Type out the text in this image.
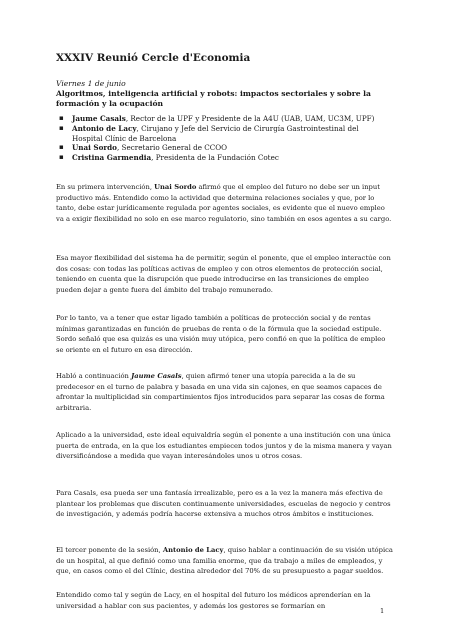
XXXIV Reunió Cercle d'Economia
Viernes 1 de junio
Algoritmos, inteligencia artificial y robots: impactos sectoriales y sobre la formación y la ocupación
▪ Jaume Casals, Rector de la UPF y Presidente de la A4U (UAB, UAM, UC3M, UPF)
▪ Antonio de Lacy, Cirujano y Jefe del Servicio de Cirurgía Gastrointestinal del Hospital Clínic de Barcelona
▪ Unai Sordo, Secretario General de CCOO
▪ Cristina Garmendia, Presidenta de la Fundación Cotec

En su primera intervención, Unai Sordo afirmó que el empleo del futuro no debe ser un input productivo más. Entendido como la actividad que determina relaciones sociales y que, por lo tanto, debe estar jurídicamente regulada por agentes sociales, es evidente que el nuevo empleo va a exigir flexibilidad no solo en ese marco regulatorio, sino también en esos agentes a su cargo.

Esa mayor flexibilidad del sistema ha de permitir, según el ponente, que el empleo interactúe con dos cosas: con todas las políticas activas de empleo y con otros elementos de protección social, teniendo en cuenta que la disrupción que puede introducirse en las transiciones de empleo pueden dejar a gente fuera del ámbito del trabajo remunerado.

Por lo tanto, va a tener que estar ligado también a políticas de protección social y de rentas mínimas garantizadas en función de pruebas de renta o de la fórmula que la sociedad estipule. Sordo señaló que esa quizás es una visión muy utópica, pero confió en que la política de empleo se oriente en el futuro en esa dirección.

Habló a continuación Jaume Casals, quien afirmó tener una utopía parecida a la de su predecesor en el turno de palabra y basada en una vida sin cajones, en que seamos capaces de afrontar la multiplicidad sin compartimientos fijos introducidos para separar las cosas de forma arbitraria.

Aplicado a la universidad, este ideal equivaldría según el ponente a una institución con una única puerta de entrada, en la que los estudiantes empiecen todos juntos y de la misma manera y vayan diversificándose a medida que vayan interesándoles unos u otros cosas.

Para Casals, esa pueda ser una fantasía irrealizable, pero es a la vez la manera más efectiva de plantear los problemas que discuten continuamente universidades, escuelas de negocio y centros de investigación, y además podría hacerse extensiva a muchos otros ámbitos e instituciones.

El tercer ponente de la sesión, Antonio de Lacy, quiso hablar a continuación de su visión utópica de un hospital, al que definió como una familia enorme, que da trabajo a miles de empleados, y que, en casos como el del Clínic, destina alrededor del 70% de su presupuesto a pagar sueldos.

Entendido como tal y según de Lacy, en el hospital del futuro los médicos aprenderían en la universidad a hablar con sus pacientes, y además los gestores se formarían en

1
